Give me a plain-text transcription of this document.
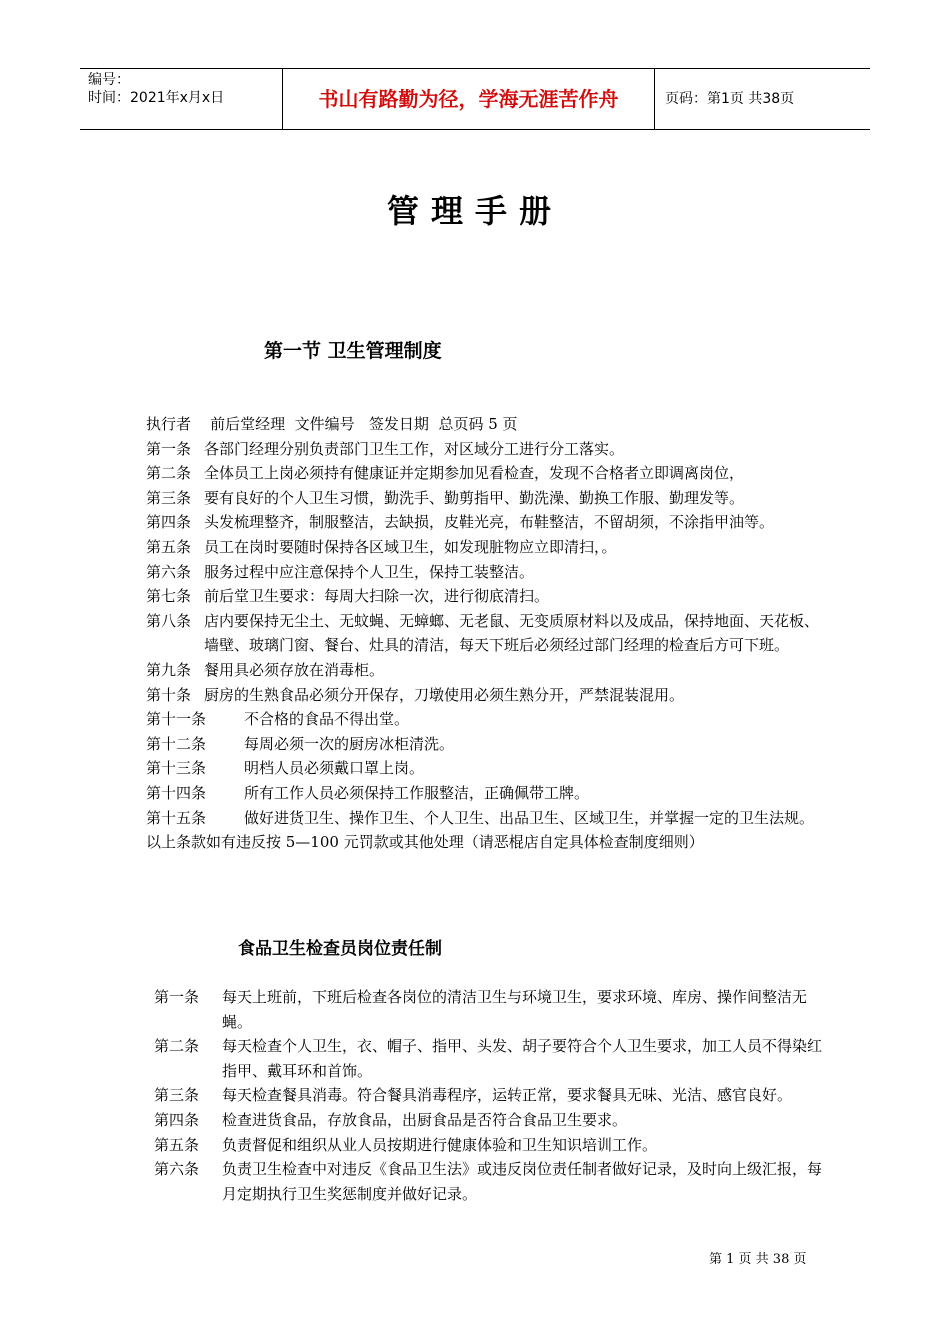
编号：
时间：2021年x月x日	书山有路勤为径，学海无涯苦作舟	页码：第1页 共38页
管理手册
第一节 卫生管理制度
执行者    前后堂经理  文件编号   签发日期  总页码 5 页
第一条 各部门经理分别负责部门卫生工作，对区域分工进行分工落实。
第二条 全体员工上岗必须持有健康证并定期参加见看检查，发现不合格者立即调离岗位，
第三条 要有良好的个人卫生习惯，勤洗手、勤剪指甲、勤洗澡、勤换工作服、勤理发等。
第四条 头发梳理整齐，制服整洁，去缺损，皮鞋光亮，布鞋整洁，不留胡须，不涂指甲油等。
第五条 员工在岗时要随时保持各区域卫生，如发现脏物应立即清扫，。
第六条 服务过程中应注意保持个人卫生，保持工装整洁。
第七条 前后堂卫生要求：每周大扫除一次，进行彻底清扫。
第八条 店内要保持无尘土、无蚊蝇、无蟑螂、无老鼠、无变质原材料以及成品，保持地面、天花板、墙壁、玻璃门窗、餐台、灶具的清洁，每天下班后必须经过部门经理的检查后方可下班。
第九条 餐用具必须存放在消毒柜。
第十条 厨房的生熟食品必须分开保存，刀墩使用必须生熟分开，严禁混装混用。
第十一条	不合格的食品不得出堂。
第十二条	每周必须一次的厨房冰柜清洗。
第十三条	明档人员必须戴口罩上岗。
第十四条	所有工作人员必须保持工作服整洁，正确佩带工牌。
第十五条	做好进货卫生、操作卫生、个人卫生、出品卫生、区域卫生，并掌握一定的卫生法规。
以上条款如有违反按 5—100 元罚款或其他处理（请恶棍店自定具体检查制度细则）
食品卫生检查员岗位责任制
第一条 每天上班前，下班后检查各岗位的清洁卫生与环境卫生，要求环境、库房、操作间整洁无蝇。
第二条 每天检查个人卫生，衣、帽子、指甲、头发、胡子要符合个人卫生要求，加工人员不得染红指甲、戴耳环和首饰。
第三条 每天检查餐具消毒。符合餐具消毒程序，运转正常，要求餐具无味、光洁、感官良好。
第四条 检查进货食品，存放食品，出厨食品是否符合食品卫生要求。
第五条 负责督促和组织从业人员按期进行健康体验和卫生知识培训工作。
第六条 负责卫生检查中对违反《食品卫生法》或违反岗位责任制者做好记录，及时向上级汇报，每月定期执行卫生奖惩制度并做好记录。
第 1 页 共 38 页
